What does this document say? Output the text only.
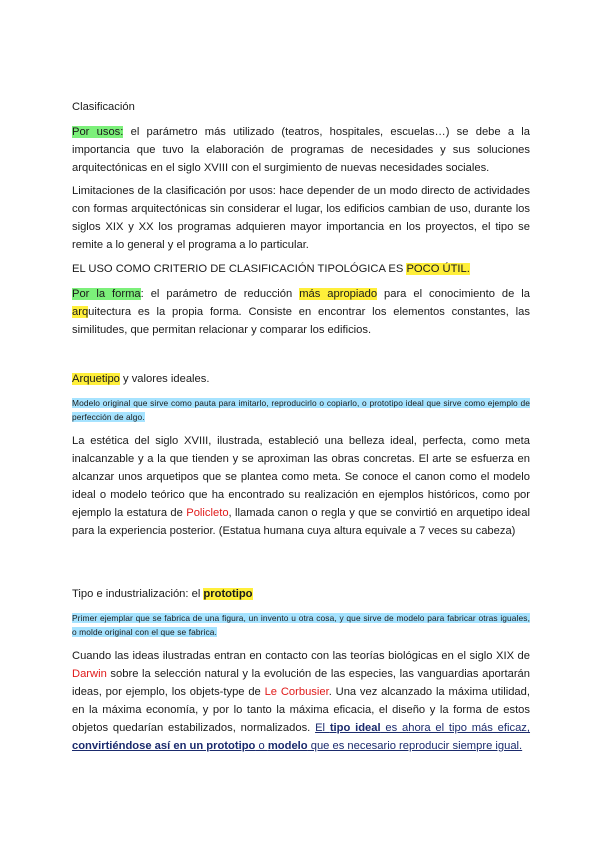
Clasificación
Por usos: el parámetro más utilizado (teatros, hospitales, escuelas…) se debe a la importancia que tuvo la elaboración de programas de necesidades y sus soluciones arquitectónicas en el siglo XVIII con el surgimiento de nuevas necesidades sociales.
Limitaciones de la clasificación por usos: hace depender de un modo directo de actividades con formas arquitectónicas sin considerar el lugar, los edificios cambian de uso, durante los siglos XIX y XX los programas adquieren mayor importancia en los proyectos, el tipo se remite a lo general y el programa a lo particular.
EL USO COMO CRITERIO DE CLASIFICACIÓN TIPOLÓGICA ES POCO ÚTIL.
Por la forma: el parámetro de reducción más apropiado para el conocimiento de la arquitectura es la propia forma. Consiste en encontrar los elementos constantes, las similitudes, que permitan relacionar y comparar los edificios.
Arquetipo y valores ideales.
Modelo original que sirve como pauta para imitarlo, reproducirlo o copiarlo, o prototipo ideal que sirve como ejemplo de perfección de algo.
La estética del siglo XVIII, ilustrada, estableció una belleza ideal, perfecta, como meta inalcanzable y a la que tienden y se aproximan las obras concretas. El arte se esfuerza en alcanzar unos arquetipos que se plantea como meta. Se conoce el canon como el modelo ideal o modelo teórico que ha encontrado su realización en ejemplos históricos, como por ejemplo la estatura de Policleto, llamada canon o regla y que se convirtió en arquetipo ideal para la experiencia posterior. (Estatua humana cuya altura equivale a 7 veces su cabeza)
Tipo e industrialización: el prototipo
Primer ejemplar que se fabrica de una figura, un invento u otra cosa, y que sirve de modelo para fabricar otras iguales, o molde original con el que se fabrica.
Cuando las ideas ilustradas entran en contacto con las teorías biológicas en el siglo XIX de Darwin sobre la selección natural y la evolución de las especies, las vanguardias aportarán ideas, por ejemplo, los objets-type de Le Corbusier. Una vez alcanzado la máxima utilidad, en la máxima economía, y por lo tanto la máxima eficacia, el diseño y la forma de estos objetos quedarían estabilizados, normalizados. El tipo ideal es ahora el tipo más eficaz, convirtiéndose así en un prototipo o modelo que es necesario reproducir siempre igual.
